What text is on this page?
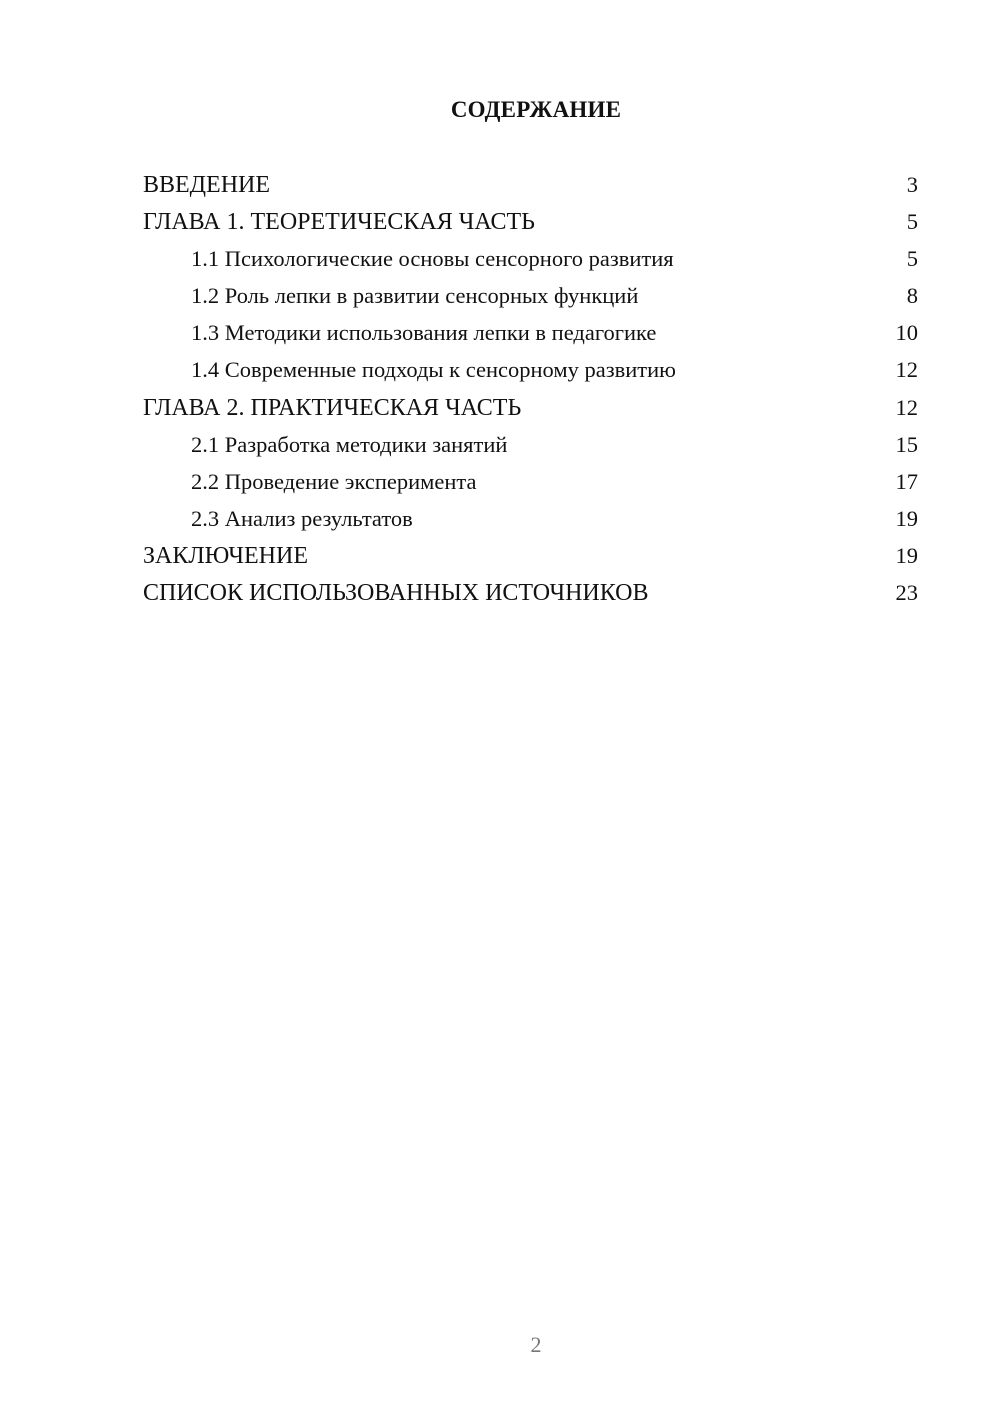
СОДЕРЖАНИЕ
ВВЕДЕНИЕ	3
ГЛАВА 1. ТЕОРЕТИЧЕСКАЯ ЧАСТЬ	5
1.1 Психологические основы сенсорного развития	5
1.2 Роль лепки в развитии сенсорных функций	8
1.3 Методики использования лепки в педагогике	10
1.4 Современные подходы к сенсорному развитию	12
ГЛАВА 2. ПРАКТИЧЕСКАЯ ЧАСТЬ	12
2.1 Разработка методики занятий	15
2.2 Проведение эксперимента	17
2.3 Анализ результатов	19
ЗАКЛЮЧЕНИЕ	19
СПИСОК ИСПОЛЬЗОВАННЫХ ИСТОЧНИКОВ	23
2
